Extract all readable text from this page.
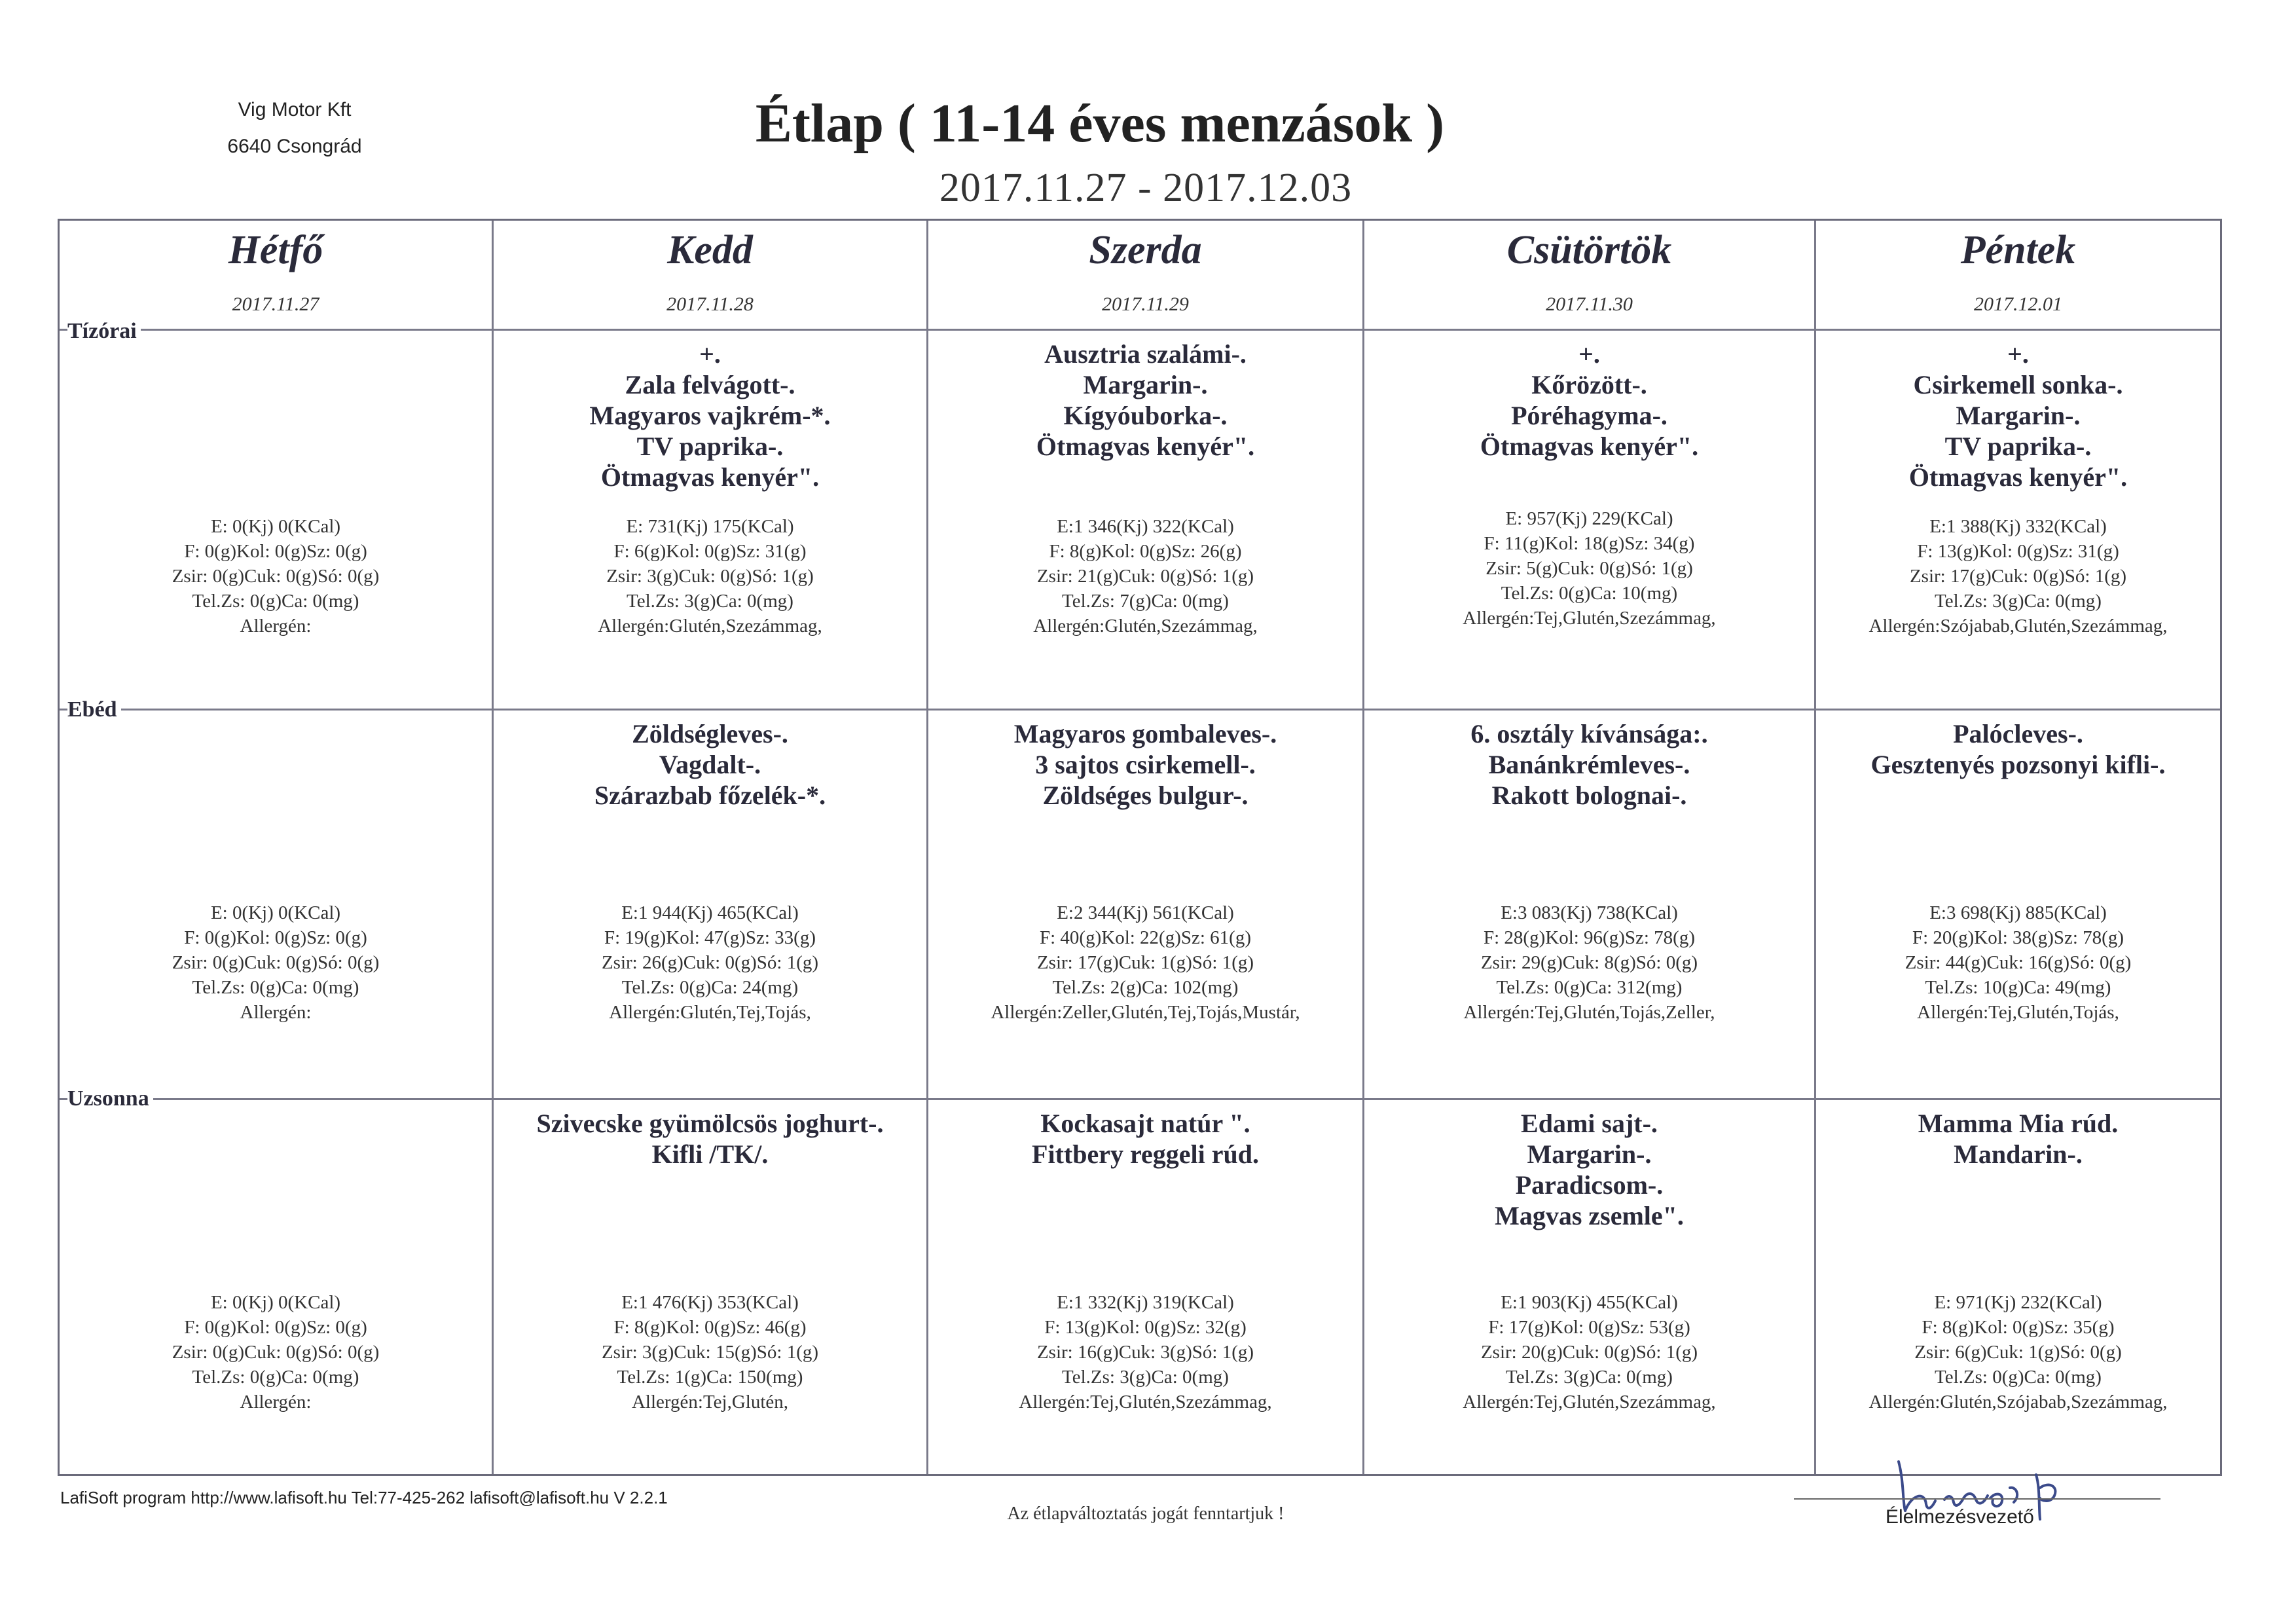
Vig Motor Kft
6640 Csongrád	Étlap ( 11-14 éves menzások )
2017.11.27 - 2017.12.03
Hétfő
2017.11.27
Kedd
2017.11.28
Szerda
2017.11.29
Csütörtök
2017.11.30
Péntek
2017.12.01
Tízórai
Ebéd
Uzsonna
E: 0(Kj) 0(KCal)
F: 0(g)Kol: 0(g)Sz: 0(g)
Zsir: 0(g)Cuk: 0(g)Só: 0(g)
Tel.Zs: 0(g)Ca: 0(mg)
Allergén:
+.
Zala felvágott-.
Magyaros vajkrém-*.
TV paprika-.
Ötmagvas kenyér".
E: 731(Kj) 175(KCal)
F: 6(g)Kol: 0(g)Sz: 31(g)
Zsir: 3(g)Cuk: 0(g)Só: 1(g)
Tel.Zs: 3(g)Ca: 0(mg)
Allergén:Glutén,Szezámmag,
Ausztria szalámi-.
Margarin-.
Kígyóuborka-.
Ötmagvas kenyér".
E:1 346(Kj) 322(KCal)
F: 8(g)Kol: 0(g)Sz: 26(g)
Zsir: 21(g)Cuk: 0(g)Só: 1(g)
Tel.Zs: 7(g)Ca: 0(mg)
Allergén:Glutén,Szezámmag,
+.
Kőrözött-.
Póréhagyma-.
Ötmagvas kenyér".
E: 957(Kj) 229(KCal)
F: 11(g)Kol: 18(g)Sz: 34(g)
Zsir: 5(g)Cuk: 0(g)Só: 1(g)
Tel.Zs: 0(g)Ca: 10(mg)
Allergén:Tej,Glutén,Szezámmag,
+.
Csirkemell sonka-.
Margarin-.
TV paprika-.
Ötmagvas kenyér".
E:1 388(Kj) 332(KCal)
F: 13(g)Kol: 0(g)Sz: 31(g)
Zsir: 17(g)Cuk: 0(g)Só: 1(g)
Tel.Zs: 3(g)Ca: 0(mg)
Allergén:Szójabab,Glutén,Szezámmag,
E: 0(Kj) 0(KCal)
F: 0(g)Kol: 0(g)Sz: 0(g)
Zsir: 0(g)Cuk: 0(g)Só: 0(g)
Tel.Zs: 0(g)Ca: 0(mg)
Allergén:
Zöldségleves-.
Vagdalt-.
Szárazbab főzelék-*.
E:1 944(Kj) 465(KCal)
F: 19(g)Kol: 47(g)Sz: 33(g)
Zsir: 26(g)Cuk: 0(g)Só: 1(g)
Tel.Zs: 0(g)Ca: 24(mg)
Allergén:Glutén,Tej,Tojás,
Magyaros gombaleves-.
3 sajtos csirkemell-.
Zöldséges bulgur-.
E:2 344(Kj) 561(KCal)
F: 40(g)Kol: 22(g)Sz: 61(g)
Zsir: 17(g)Cuk: 1(g)Só: 1(g)
Tel.Zs: 2(g)Ca: 102(mg)
Allergén:Zeller,Glutén,Tej,Tojás,Mustár,
6. osztály kívánsága:.
Banánkrémleves-.
Rakott bolognai-.
E:3 083(Kj) 738(KCal)
F: 28(g)Kol: 96(g)Sz: 78(g)
Zsir: 29(g)Cuk: 8(g)Só: 0(g)
Tel.Zs: 0(g)Ca: 312(mg)
Allergén:Tej,Glutén,Tojás,Zeller,
Palócleves-.
Gesztenyés pozsonyi kifli-.
E:3 698(Kj) 885(KCal)
F: 20(g)Kol: 38(g)Sz: 78(g)
Zsir: 44(g)Cuk: 16(g)Só: 0(g)
Tel.Zs: 10(g)Ca: 49(mg)
Allergén:Tej,Glutén,Tojás,
E: 0(Kj) 0(KCal)
F: 0(g)Kol: 0(g)Sz: 0(g)
Zsir: 0(g)Cuk: 0(g)Só: 0(g)
Tel.Zs: 0(g)Ca: 0(mg)
Allergén:
Szivecske gyümölcsös joghurt-.
Kifli /TK/.
E:1 476(Kj) 353(KCal)
F: 8(g)Kol: 0(g)Sz: 46(g)
Zsir: 3(g)Cuk: 15(g)Só: 1(g)
Tel.Zs: 1(g)Ca: 150(mg)
Allergén:Tej,Glutén,
Kockasajt natúr ".
Fittbery reggeli rúd.
E:1 332(Kj) 319(KCal)
F: 13(g)Kol: 0(g)Sz: 32(g)
Zsir: 16(g)Cuk: 3(g)Só: 1(g)
Tel.Zs: 3(g)Ca: 0(mg)
Allergén:Tej,Glutén,Szezámmag,
Edami sajt-.
Margarin-.
Paradicsom-.
Magvas zsemle".
E:1 903(Kj) 455(KCal)
F: 17(g)Kol: 0(g)Sz: 53(g)
Zsir: 20(g)Cuk: 0(g)Só: 1(g)
Tel.Zs: 3(g)Ca: 0(mg)
Allergén:Tej,Glutén,Szezámmag,
Mamma Mia rúd.
Mandarin-.
E: 971(Kj) 232(KCal)
F: 8(g)Kol: 0(g)Sz: 35(g)
Zsir: 6(g)Cuk: 1(g)Só: 0(g)
Tel.Zs: 0(g)Ca: 0(mg)
Allergén:Glutén,Szójabab,Szezámmag,
LafiSoft program http://www.lafisoft.hu Tel:77-425-262 lafisoft@lafisoft.hu V 2.2.1
Az étlapváltoztatás jogát fenntartjuk !	Élelmezésvezető
